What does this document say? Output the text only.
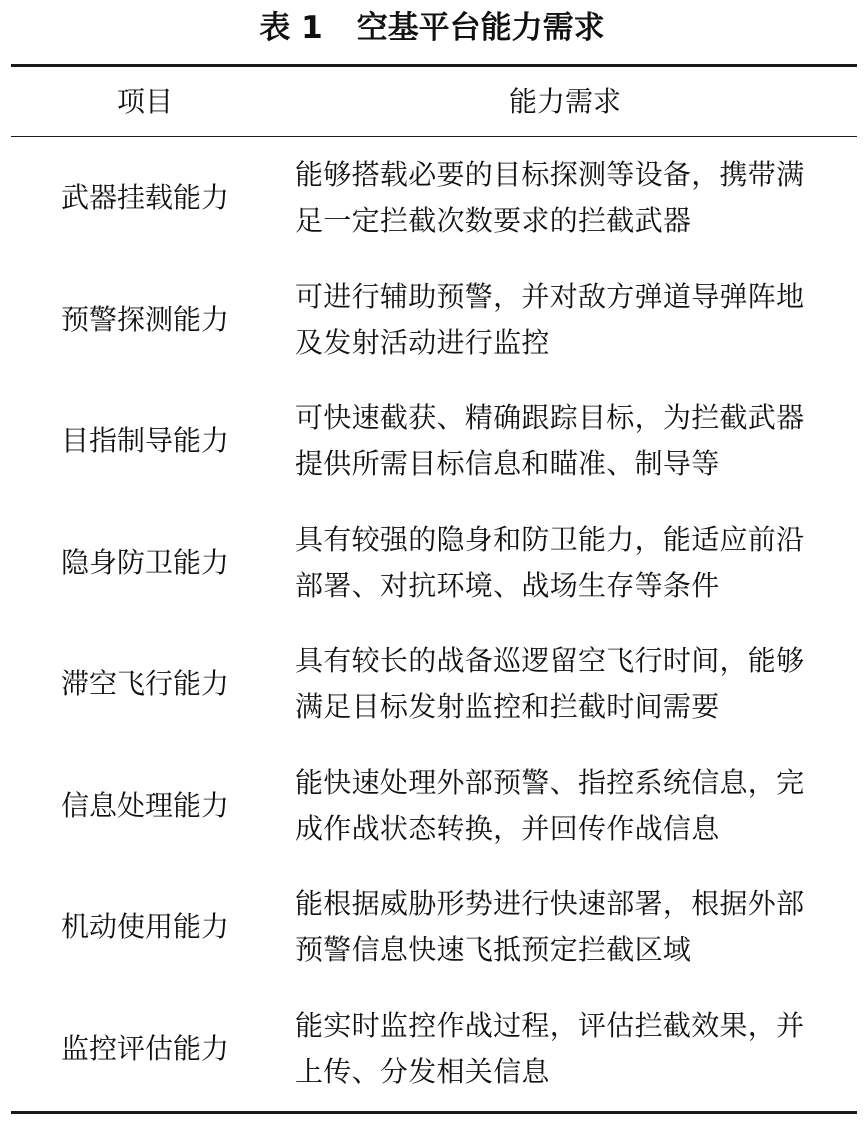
表 1 空基平台能力需求
项目	能力需求
武器挂载能力
能够搭载必要的目标探测等设备，携带满
足一定拦截次数要求的拦截武器
预警探测能力
可进行辅助预警，并对敌方弹道导弹阵地
及发射活动进行监控
目指制导能力
可快速截获、精确跟踪目标，为拦截武器
提供所需目标信息和瞄准、制导等
隐身防卫能力
具有较强的隐身和防卫能力，能适应前沿
部署、对抗环境、战场生存等条件
滞空飞行能力
具有较长的战备巡逻留空飞行时间，能够
满足目标发射监控和拦截时间需要
信息处理能力
能快速处理外部预警、指控系统信息，完
成作战状态转换，并回传作战信息
机动使用能力
能根据威胁形势进行快速部署，根据外部
预警信息快速飞抵预定拦截区域
监控评估能力
能实时监控作战过程，评估拦截效果，并
上传、分发相关信息
